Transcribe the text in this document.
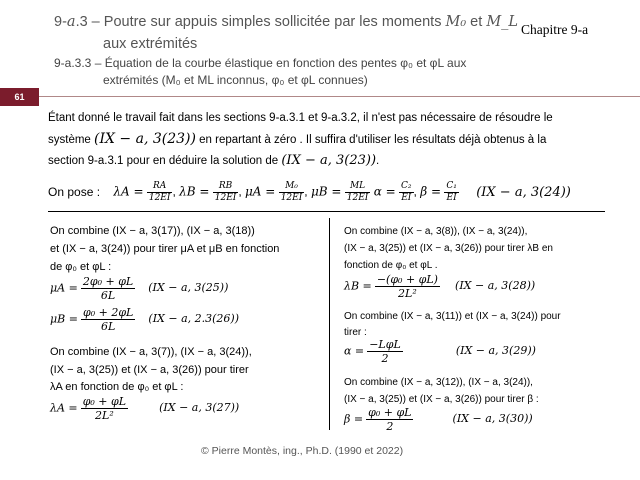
9-a.3 – Poutre sur appuis simples sollicitée par les moments M₀ et M_L
aux extrémités
Chapitre 9-a
9-a.3.3 – Équation de la courbe élastique en fonction des pentes φ₀ et φL aux
extrémités (M₀ et ML inconnus, φ₀ et φL connues)
61
Étant donné le travail fait dans les sections 9-a.3.1 et 9-a.3.2, il n'est pas nécessaire de résoudre le
système (IX − a, 3(23)) en repartant à zéro . Il suffira d'utiliser les résultats déjà obtenus à la
section 9-a.3.1 pour en déduire la solution de (IX − a, 3(23)).
On pose : $\lambda A = \frac{RA}{12EI}$ , $\lambda B = \frac{RB}{12EI}$ , $\mu A = \frac{\text{M₀}}{12EI}$ , $\mu B = \frac{ML}{12EI}$ $\alpha = \frac{\text{C₂}}{EI}$ , $\beta = \frac{\text{C₁}}{EI} (IX - a$, 3(24))
On combine (IX − a, 3(17)), (IX − a, 3(18))
et (IX − a, 3(24)) pour tirer μA et μB en fonction
de φ₀ et φL :
$\mu A = \frac{\text{2φ₀ + φL}}{6L} (IX - a$, 3(25))
$\mu B = \frac{\text{φ₀ + 2φL}}{6L} (IX - a$, 2.3(26))
On combine (IX − a, 3(7)), (IX − a, 3(24)),
(IX − a, 3(25)) et (IX − a, 3(26)) pour tirer
λA en fonction de φ₀ et φL :
$\lambda A = \frac{\text{φ₀ + φL}}{\text{2L²}}$	(IX − a, 3(27))
On combine (IX − a, 3(8)), (IX − a, 3(24)),
(IX − a, 3(25)) et (IX − a, 3(26)) pour tirer λB en
fonction de φ₀ et φL .
$\lambda B = \frac{\text{−(φ₀ + φL)}}{\text{2L²}} (IX - a$, 3(28))
On combine (IX − a, 3(11)) et (IX − a, 3(24)) pour
tirer :
$\alpha = \frac{\text{−LφL}}{2}$	(IX − a, 3(29))
On combine (IX − a, 3(12)), (IX − a, 3(24)),
(IX − a, 3(25)) et (IX − a, 3(26)) pour tirer β :
$\beta = \frac{\text{φ₀ + φL}}{2}$	(IX − a, 3(30))
© Pierre Montès, ing., Ph.D. (1990 et 2022)
